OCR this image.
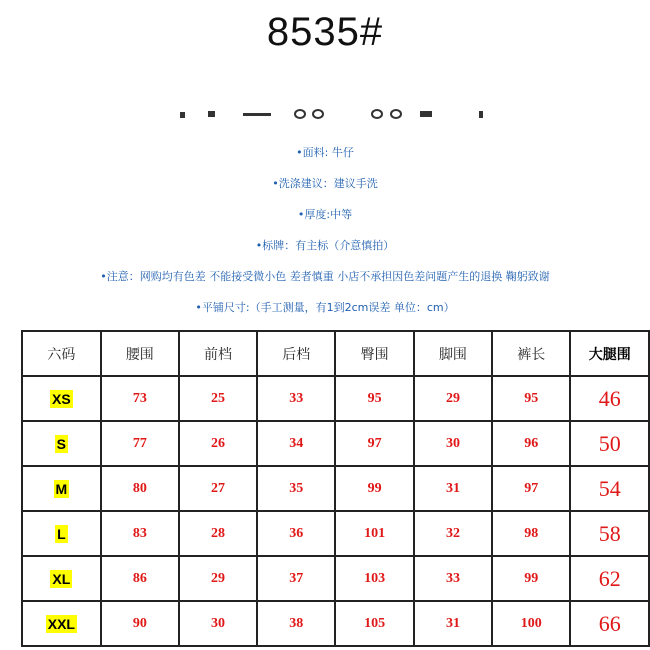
8535#
•面料: 牛仔
•洗涤建议：建议手洗
•厚度:中等
•标牌：有主标（介意慎拍）
•注意：网购均有色差 不能接受微小色 差者慎重 小店不承担因色差问题产生的退换 鞠躬致谢
•平铺尺寸:（手工测量，有1到2cm误差 单位：cm）
六码	腰围	前档	后档	臀围	脚围	裤长	大腿围
XS	73	25	33	95	29	95	46
S	77	26	34	97	30	96	50
M	80	27	35	99	31	97	54
L	83	28	36	101	32	98	58
XL	86	29	37	103	33	99	62
XXL	90	30	38	105	31	100	66
